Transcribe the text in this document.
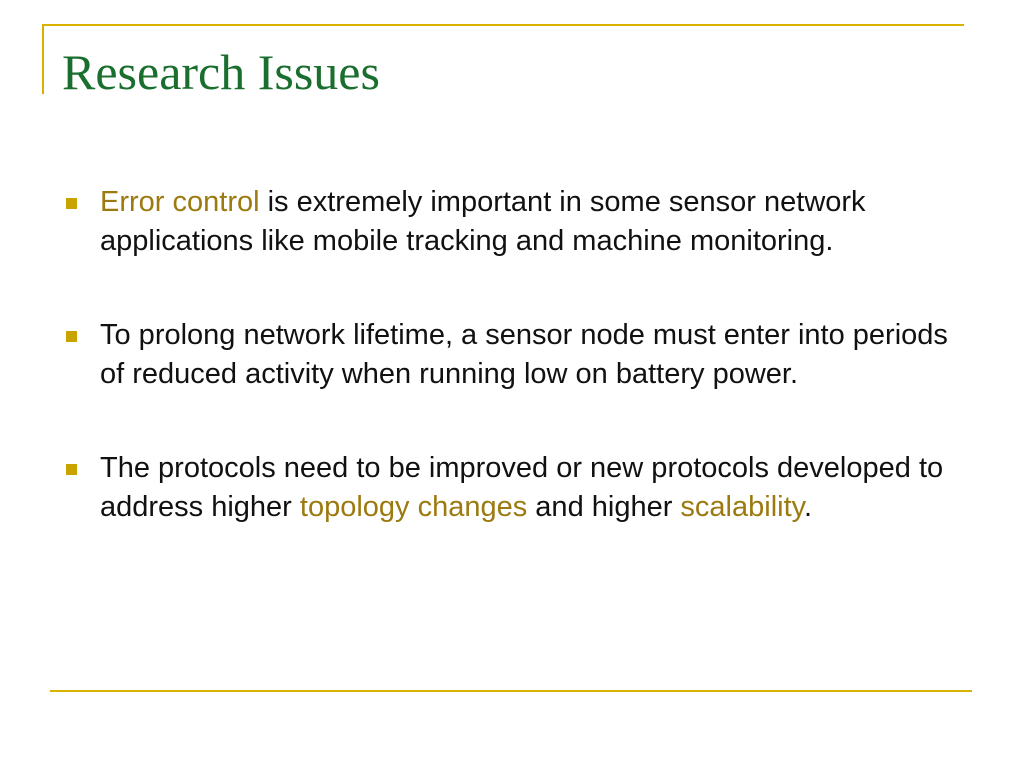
Research Issues
Error control is extremely important in some sensor network applications like mobile tracking and machine monitoring.
To prolong network lifetime, a sensor node must enter into periods of reduced activity when running low on battery power.
The protocols need to be improved or new protocols developed to address higher topology changes and higher scalability.
